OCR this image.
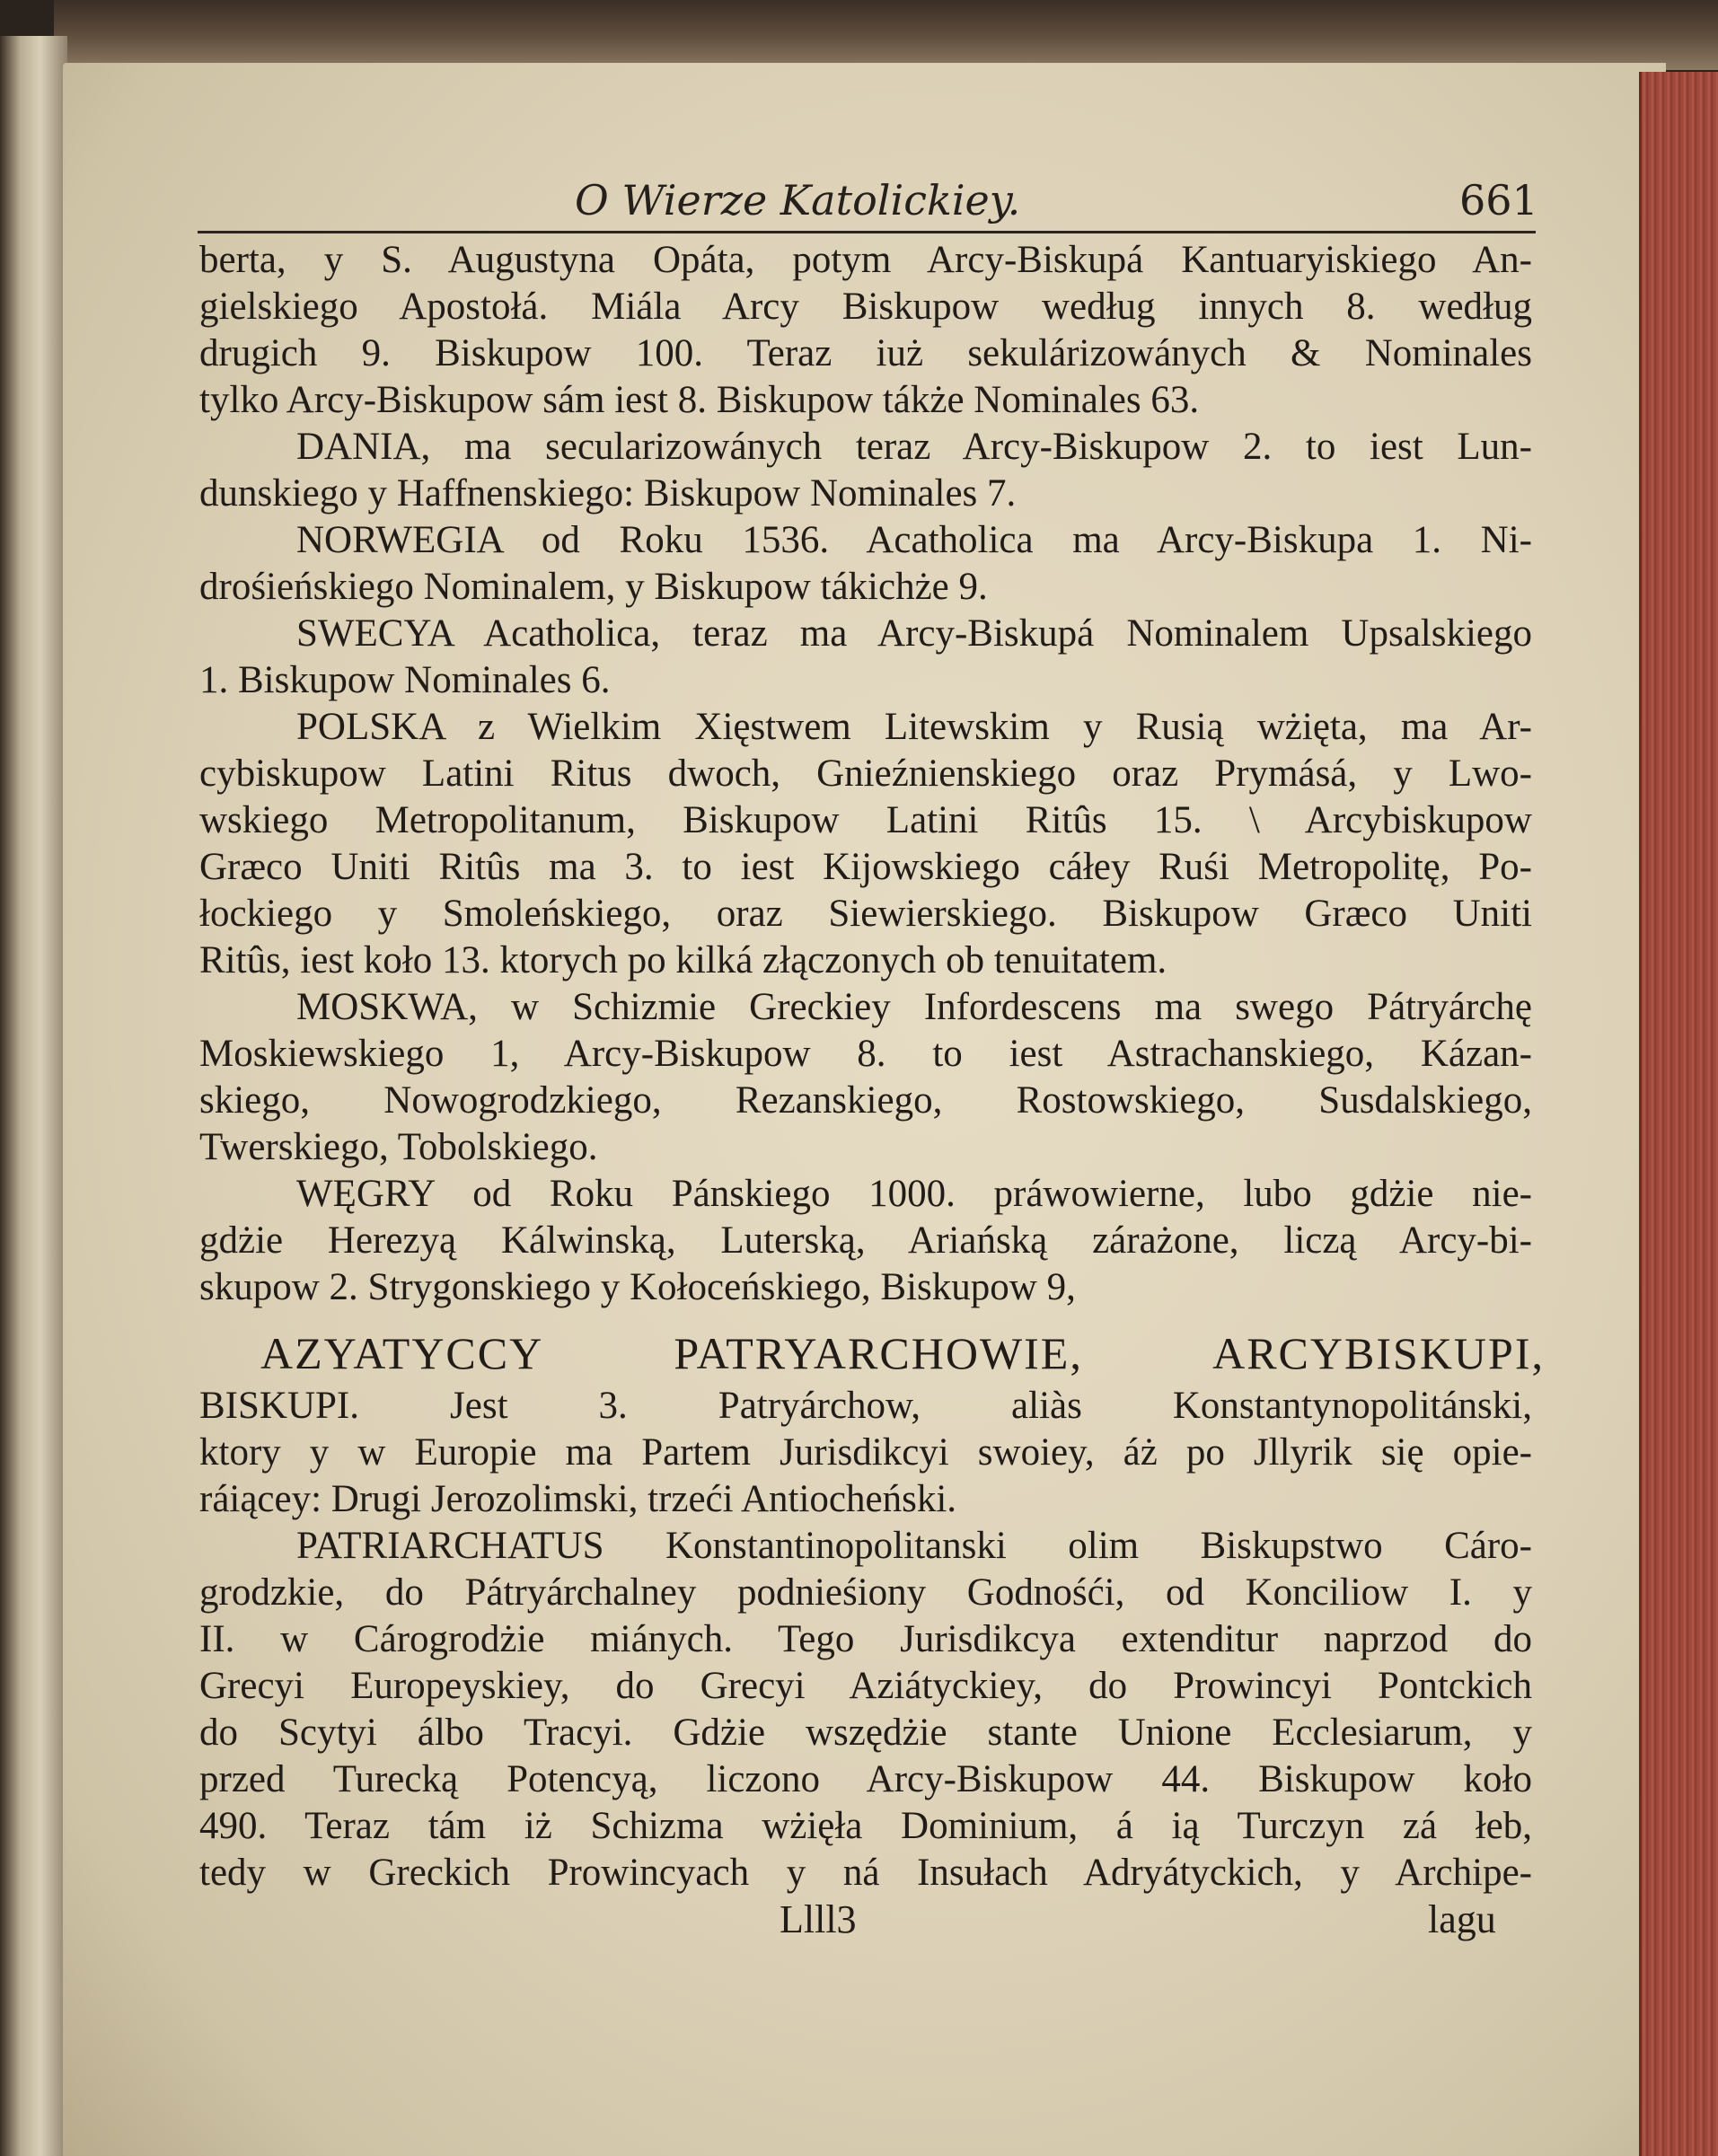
O Wierze Katolickiey.	661
berta, y S. Augustyna Opáta, potym Arcy-Biskupá Kantuaryiskiego An-
gielskiego Apostołá. Miála Arcy Biskupow według innych 8. według
drugich 9. Biskupow 100. Teraz iuż sekulárizowánych & Nominales
tylko Arcy-Biskupow sám iest 8. Biskupow tákże Nominales 63.
DANIA, ma secularizowánych teraz Arcy-Biskupow 2. to iest Lun-
dunskiego y Haffnenskiego: Biskupow Nominales 7.
NORWEGIA od Roku 1536. Acatholica ma Arcy-Biskupa 1. Ni-
drośieńskiego Nominalem, y Biskupow tákichże 9.
SWECYA Acatholica, teraz ma Arcy-Biskupá Nominalem Upsalskiego
1. Biskupow Nominales 6.
POLSKA z Wielkim Xięstwem Litewskim y Rusią wżięta, ma Ar-
cybiskupow Latini Ritus dwoch, Gnieźnienskiego oraz Prymásá, y Lwo-
wskiego Metropolitanum, Biskupow Latini Ritûs 15. \ Arcybiskupow
Græco Uniti Ritûs ma 3. to iest Kijowskiego cáłey Ruśi Metropolitę, Po-
łockiego y Smoleńskiego, oraz Siewierskiego. Biskupow Græco Uniti
Ritûs, iest koło 13. ktorych po kilká złączonych ob tenuitatem.
MOSKWA, w Schizmie Greckiey Infordescens ma swego Pátryárchę
Moskiewskiego 1, Arcy-Biskupow 8. to iest Astrachanskiego, Kázan-
skiego, Nowogrodzkiego, Rezanskiego, Rostowskiego, Susdalskiego,
Twerskiego, Tobolskiego.
WĘGRY od Roku Pánskiego 1000. práwowierne, lubo gdżie nie-
gdżie Herezyą Kálwinską, Luterską, Ariańską zárażone, liczą Arcy-bi-
skupow 2. Strygonskiego y Kołoceńskiego, Biskupow 9,
AZYATYCCY PATRYARCHOWIE, ARCYBISKUPI,
BISKUPI. Jest 3. Patryárchow, aliàs Konstantynopolitánski,
ktory y w Europie ma Partem Jurisdikcyi swoiey, áż po Jllyrik się opie-
ráiącey: Drugi Jerozolimski, trzeći Antiocheński.
PATRIARCHATUS Konstantinopolitanski olim Biskupstwo Cáro-
grodzkie, do Pátryárchalney podnieśiony Godnośći, od Konciliow I. y
II. w Cárogrodżie miánych. Tego Jurisdikcya extenditur naprzod do
Grecyi Europeyskiey, do Grecyi Aziátyckiey, do Prowincyi Pontckich
do Scytyi álbo Tracyi. Gdżie wszędżie stante Unione Ecclesiarum, y
przed Turecką Potencyą, liczono Arcy-Biskupow 44. Biskupow koło
490. Teraz tám iż Schizma wżięła Dominium, á ią Turczyn zá łeb,
tedy w Greckich Prowincyach y ná Insułach Adryátyckich, y Archipe-
Llll3	lagu
